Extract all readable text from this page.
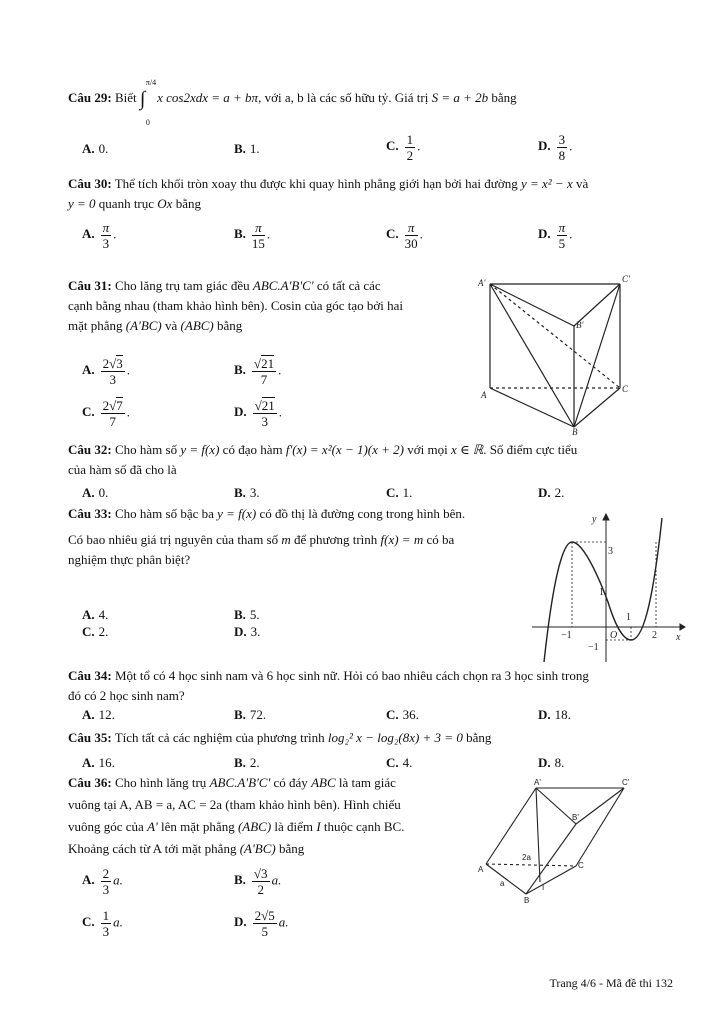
Câu 29: Biết ∫
π/4
0
x cos2xdx = a + bπ, với a, b là các số hữu tỷ. Giá trị S = a + 2b bằng
A. 0.	B. 1.	C. $\frac{1}{2}$ .	D. $\frac{3}{8}$ .
Câu 30: Thể tích khối tròn xoay thu được khi quay hình phẳng giới hạn bởi hai đường y = x² − x và
y = 0 quanh trục Ox bằng
A. $\frac{\pi}{3}$ .	B. $\frac{\pi}{15}$ .	C. $\frac{\pi}{30}$ .	D. $\frac{\pi}{5}$ .
Câu 31: Cho lăng trụ tam giác đều ABC.A'B'C' có tất cả các
cạnh bằng nhau (tham khảo hình bên). Cosin của góc tạo bởi hai
mặt phẳng (A'BC) và (ABC) bằng
A. $\frac{2√3}{3}$ .	B. $\frac{√21}{7}$ .
C. $\frac{2√7}{7}$ .	D. $\frac{√21}{3}$ .
A'	C'
B'
A
B
C
Câu 32: Cho hàm số y = f(x) có đạo hàm f'(x) = x²(x − 1)(x + 2) với mọi x ∈ ℝ. Số điểm cực tiểu
của hàm số đã cho là
A. 0.	B. 3.	C. 1.	D. 2.
Câu 33: Cho hàm số bậc ba y = f(x) có đồ thị là đường cong trong hình bên.
Có bao nhiêu giá trị nguyên của tham số m để phương trình f(x) = m có ba
nghiệm thực phân biệt?
A. 4.	B. 5.
C. 2.	D. 3.
y
x
3
1
−1	O
1
2
−1
Câu 34: Một tổ có 4 học sinh nam và 6 học sinh nữ. Hỏi có bao nhiêu cách chọn ra 3 học sinh trong
đó có 2 học sinh nam?
A. 12.	B. 72.	C. 36.	D. 18.
Câu 35: Tích tất cả các nghiệm của phương trình log₂² x − log₂(8x) + 3 = 0 bằng
A. 16.	B. 2.	C. 4.	D. 8.
Câu 36: Cho hình lăng trụ ABC.A'B'C' có đáy ABC là tam giác
vuông tại A, AB = a, AC = 2a (tham khảo hình bên). Hình chiếu
vuông góc của A' lên mặt phẳng (ABC) là điểm I thuộc cạnh BC.
Khoảng cách từ A tới mặt phẳng (A'BC) bằng
A. $\frac{2}{3} a$.	B. $\frac{√3}{2} a$.
C. $\frac{1}{3} a$.	D. $\frac{2√5}{5} a$.
A'	C'
B'
A
B
C
I
2a
a
Trang 4/6 - Mã đề thi 132
